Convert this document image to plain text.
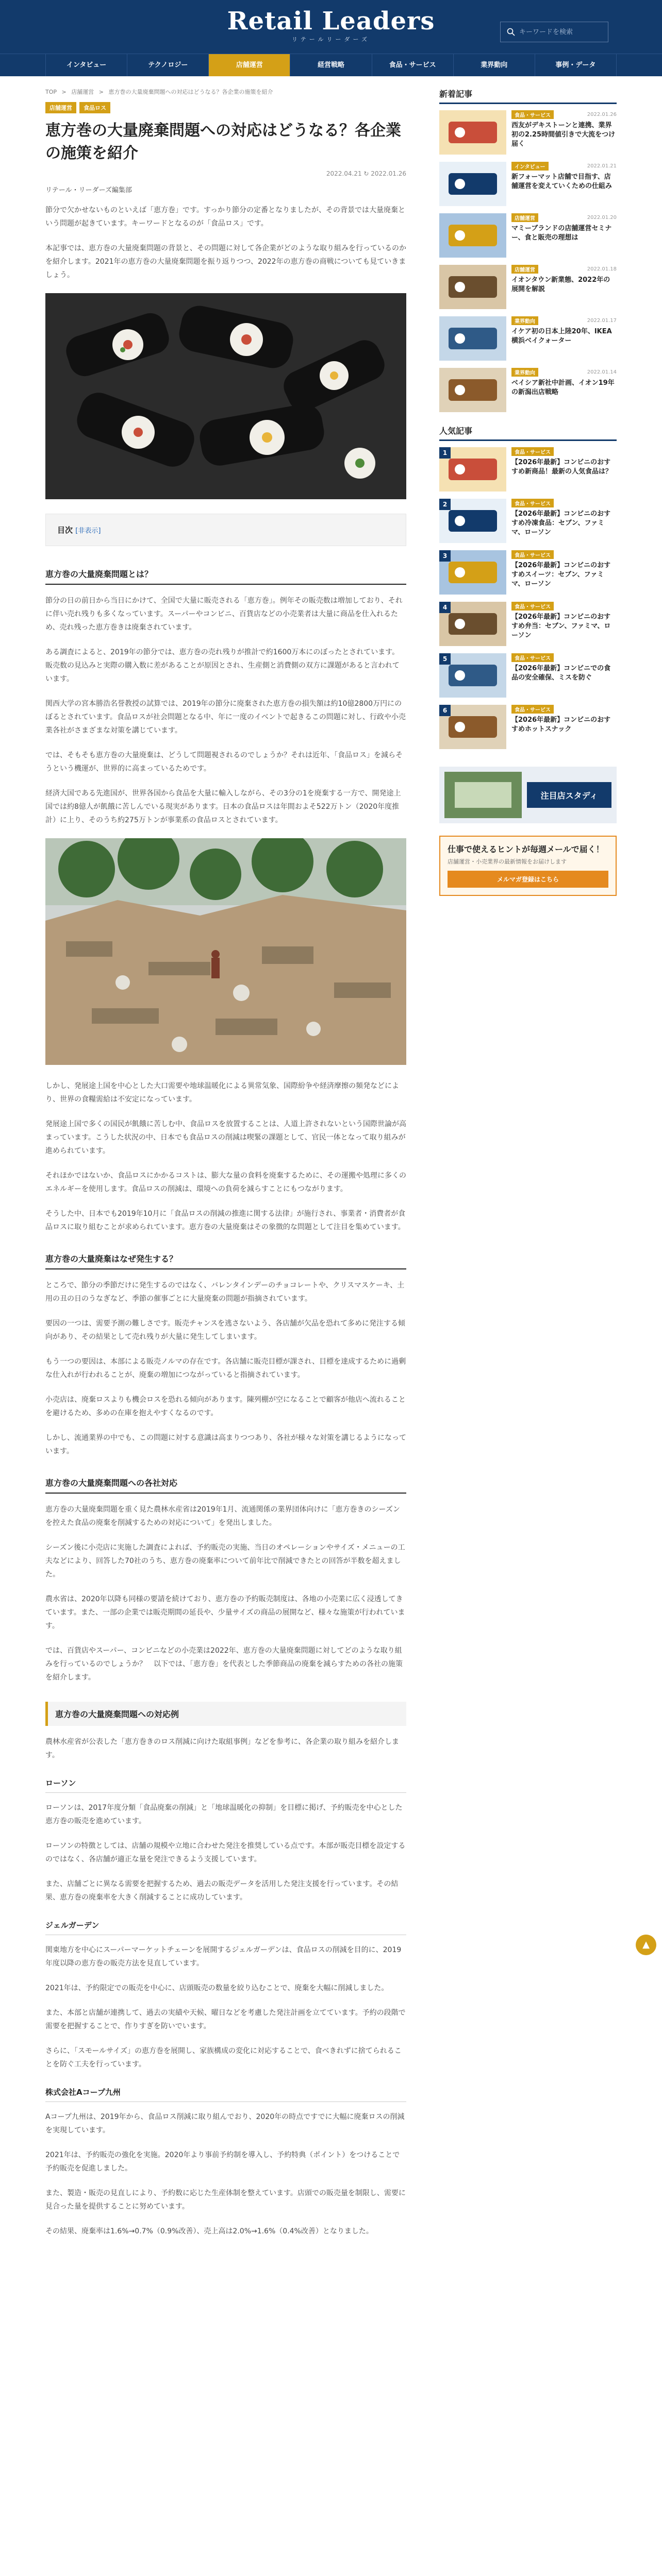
Retail Leaders
リテールリーダーズ
キーワードを検索
インタビュー	テクノロジー	店舗運営	経営戦略	食品・サービス	業界動向	事例・データ
TOP > 店舗運営 > 恵方巻の大量廃棄問題への対応はどうなる？各企業の施策を紹介
店舗運営	食品ロス
恵方巻の大量廃棄問題への対応はどうなる？各企業の施策を紹介
2022.04.21 ↻ 2022.01.26
リテール・リーダーズ編集部

節分で欠かせないものといえば「恵方巻」です。すっかり節分の定番となりましたが、その背景では大量廃棄という問題が起きています。キーワードとなるのが「食品ロス」です。

本記事では、恵方巻の大量廃棄問題の背景と、その問題に対して各企業がどのような取り組みを行っているのかを紹介します。2021年の恵方巻の大量廃棄問題を振り返りつつ、2022年の恵方巻の商戦についても見ていきましょう。

目次 [非表示]
恵方巻の大量廃棄問題とは？

節分の日の前日から当日にかけて、全国で大量に販売される「恵方巻」。例年その販売数は増加しており、それに伴い売れ残りも多くなっています。スーパーやコンビニ、百貨店などの小売業者は大量に商品を仕入れるため、売れ残った恵方巻きは廃棄されています。

ある調査によると、2019年の節分では、恵方巻の売れ残りが推計で約1600万本にのぼったとされています。販売数の見込みと実際の購入数に差があることが原因とされ、生産側と消費側の双方に課題があると言われています。

関西大学の宮本勝浩名誉教授の試算では、2019年の節分に廃棄された恵方巻の損失額は約10億2800万円にのぼるとされています。食品ロスが社会問題となる中、年に一度のイベントで起きるこの問題に対し、行政や小売業各社がさまざまな対策を講じています。

では、そもそも恵方巻の大量廃棄は、どうして問題視されるのでしょうか？それは近年、「食品ロス」を減らそうという機運が、世界的に高まっているためです。

経済大国である先進国が、世界各国から食品を大量に輸入しながら、その3分の1を廃棄する一方で、開発途上国では約8億人が飢餓に苦しんでいる現実があります。日本の食品ロスは年間およそ522万トン（2020年度推計）に上り、そのうち約275万トンが事業系の食品ロスとされています。

しかし、発展途上国を中心とした大口需要や地球温暖化による異常気象、国際紛争や経済摩擦の頻発などにより、世界の食糧需給は不安定になっています。

発展途上国で多くの国民が飢餓に苦しむ中、食品ロスを放置することは、人道上許されないという国際世論が高まっています。こうした状況の中、日本でも食品ロスの削減は喫緊の課題として、官民一体となって取り組みが進められています。

それほかではないか、食品ロスにかかるコストは、膨大な量の食料を廃棄するために、その運搬や処理に多くのエネルギーを使用します。食品ロスの削減は、環境への負荷を減らすことにもつながります。

そうした中、日本でも2019年10月に「食品ロスの削減の推進に関する法律」が施行され、事業者・消費者が食品ロスに取り組むことが求められています。恵方巻の大量廃棄はその象徴的な問題として注目を集めています。

恵方巻の大量廃棄はなぜ発生する？

ところで、節分の季節だけに発生するのではなく、バレンタインデーのチョコレートや、クリスマスケーキ、土用の丑の日のうなぎなど、季節の催事ごとに大量廃棄の問題が指摘されています。

要因の一つは、需要予測の難しさです。販売チャンスを逃さないよう、各店舗が欠品を恐れて多めに発注する傾向があり、その結果として売れ残りが大量に発生してしまいます。

もう一つの要因は、本部による販売ノルマの存在です。各店舗に販売目標が課され、目標を達成するために過剰な仕入れが行われることが、廃棄の増加につながっていると指摘されています。

小売店は、廃棄ロスよりも機会ロスを恐れる傾向があります。陳列棚が空になることで顧客が他店へ流れることを避けるため、多めの在庫を抱えやすくなるのです。

しかし、流通業界の中でも、この問題に対する意識は高まりつつあり、各社が様々な対策を講じるようになっています。

恵方巻の大量廃棄問題への各社対応

恵方巻の大量廃棄問題を重く見た農林水産省は2019年1月、流通関係の業界団体向けに「恵方巻きのシーズンを控えた食品の廃棄を削減するための対応について」を発出しました。

シーズン後に小売店に実施した調査によれば、予約販売の実施、当日のオペレーションやサイズ・メニューの工夫などにより、回答した70社のうち、恵方巻の廃棄率について前年比で削減できたとの回答が半数を超えました。

農水省は、2020年以降も同様の要請を続けており、恵方巻の予約販売制度は、各地の小売業に広く浸透してきています。また、一部の企業では販売期間の延長や、少量サイズの商品の展開など、様々な施策が行われています。

では、百貨店やスーパー、コンビニなどの小売業は2022年、恵方巻の大量廃棄問題に対してどのような取り組みを行っているのでしょうか？　以下では、「恵方巻」を代表とした季節商品の廃棄を減らすための各社の施策を紹介します。

恵方巻の大量廃棄問題への対応例

農林水産省が公表した「恵方巻きのロス削減に向けた取組事例」などを参考に、各企業の取り組みを紹介します。

ローソン

ローソンは、2017年度分類「食品廃棄の削減」と「地球温暖化の抑制」を目標に掲げ、予約販売を中心とした恵方巻の販売を進めています。

ローソンの特徴としては、店舗の規模や立地に合わせた発注を推奨している点です。本部が販売目標を設定するのではなく、各店舗が適正な量を発注できるよう支援しています。

また、店舗ごとに異なる需要を把握するため、過去の販売データを活用した発注支援を行っています。その結果、恵方巻の廃棄率を大きく削減することに成功しています。

ジェルガーデン

関東地方を中心にスーパーマーケットチェーンを展開するジェルガーデンは、食品ロスの削減を目的に、2019年度以降の恵方巻の販売方法を見直しています。

2021年は、予約限定での販売を中心に、店頭販売の数量を絞り込むことで、廃棄を大幅に削減しました。

また、本部と店舗が連携して、過去の実績や天候、曜日などを考慮した発注計画を立てています。予約の段階で需要を把握することで、作りすぎを防いでいます。

さらに、「スモールサイズ」の恵方巻を展開し、家族構成の変化に対応することで、食べきれずに捨てられることを防ぐ工夫を行っています。

株式会社Aコープ九州

Aコープ九州は、2019年から、食品ロス削減に取り組んでおり、2020年の時点ですでに大幅に廃棄ロスの削減を実現しています。

2021年は、予約販売の強化を実施。2020年より事前予約制を導入し、予約特典（ポイント）をつけることで予約販売を促進しました。

また、製造・販売の見直しにより、予約数に応じた生産体制を整えています。店頭での販売量を制限し、需要に見合った量を提供することに努めています。

その結果、廃棄率は1.6%→0.7%（0.9%改善）、売上高は2.0%→1.6%（0.4%改善）となりました。

新着記事
食品・サービス	2022.01.26
西友がデキストーンと連携、業界初の2.25時間値引きで大流をつけ届く
インタビュー	2022.01.21
新フォーマット店舗で目指す、店舗運営を変えていくための仕組み
店舗運営	2022.01.20
マミーブランドの店舗運営セミナー、食と販売の理想は
店舗運営	2022.01.18
イオンタウン新業態、2022年の展開を解説
業界動向	2022.01.17
イケア初の日本上陸20年、IKEA横浜ベイクォーター
業界動向	2022.01.14
ベイシア新社中計画、イオン19年の新潟出店戦略
人気記事
1	食品・サービス
【2026年最新】コンビニのおすすめ新商品！最新の人気食品は？
2	食品・サービス
【2026年最新】コンビニのおすすめ冷凍食品：セブン、ファミマ、ローソン
3	食品・サービス
【2026年最新】コンビニのおすすめスイーツ：セブン、ファミマ、ローソン
4	食品・サービス
【2026年最新】コンビニのおすすめ弁当：セブン、ファミマ、ローソン
5	食品・サービス
【2026年最新】コンビニでの食品の安全確保、ミスを防ぐ
6	食品・サービス
【2026年最新】コンビニのおすすめホットスナック
注目店スタディ
仕事で使えるヒントが毎週メールで届く！
店舗運営・小売業界の最新情報をお届けします
メルマガ登録はこちら
▲
